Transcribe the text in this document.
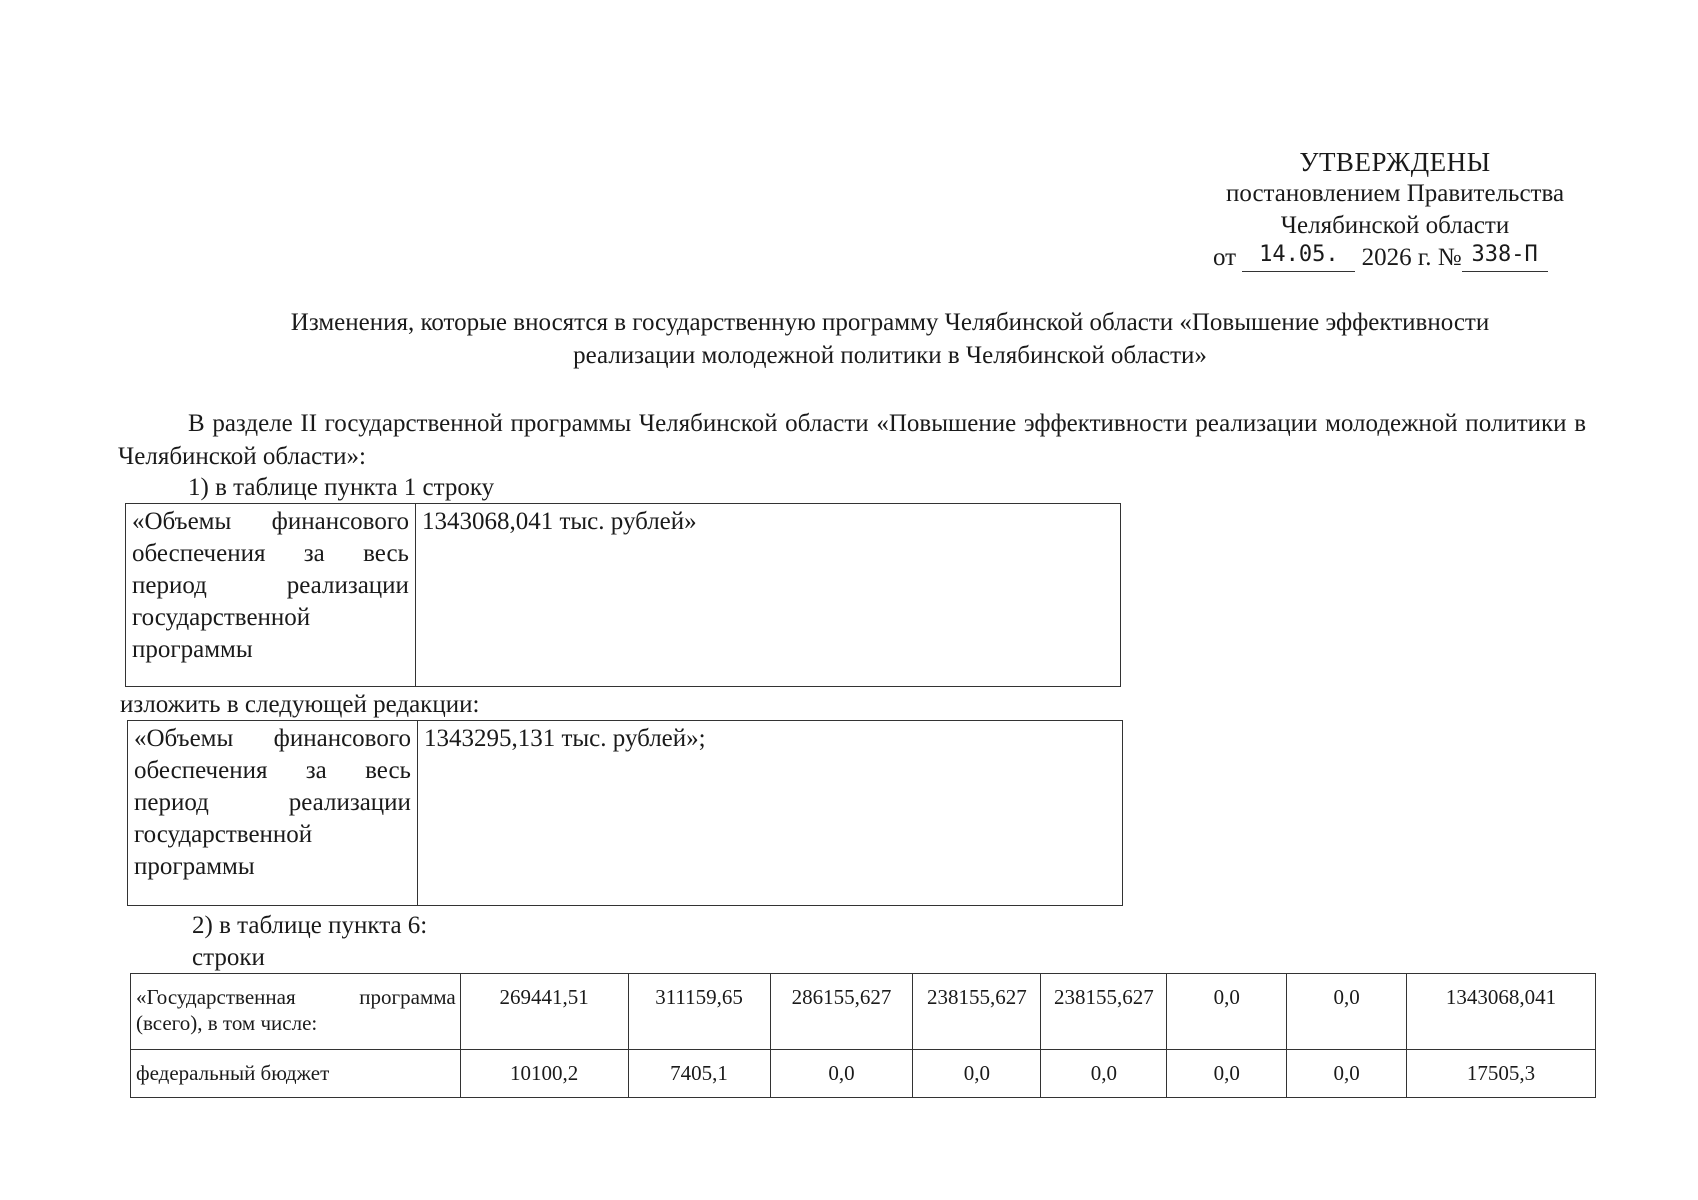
УТВЕРЖДЕНЫ
постановлением Правительства
Челябинской области
от 14.05. 2026 г. № 338-П
Изменения, которые вносятся в государственную программу Челябинской области «Повышение эффективности
реализации молодежной политики в Челябинской области»
В разделе II государственной программы Челябинской области «Повышение эффективности реализации молодежной политики в Челябинской области»:
1) в таблице пункта 1 строку
«Объемы финансового
обеспечения за весь
период реализации
государственной
программы
	1343068,041 тыс. рублей»
изложить в следующей редакции:
«Объемы финансового
обеспечения за весь
период реализации
государственной
программы
	1343295,131 тыс. рублей»;
2) в таблице пункта 6:
строки
«Государственная программа (всего), в том числе:	269441,51	311159,65	286155,627	238155,627	238155,627	0,0	0,0	1343068,041
федеральный бюджет	10100,2	7405,1	0,0	0,0	0,0	0,0	0,0	17505,3
